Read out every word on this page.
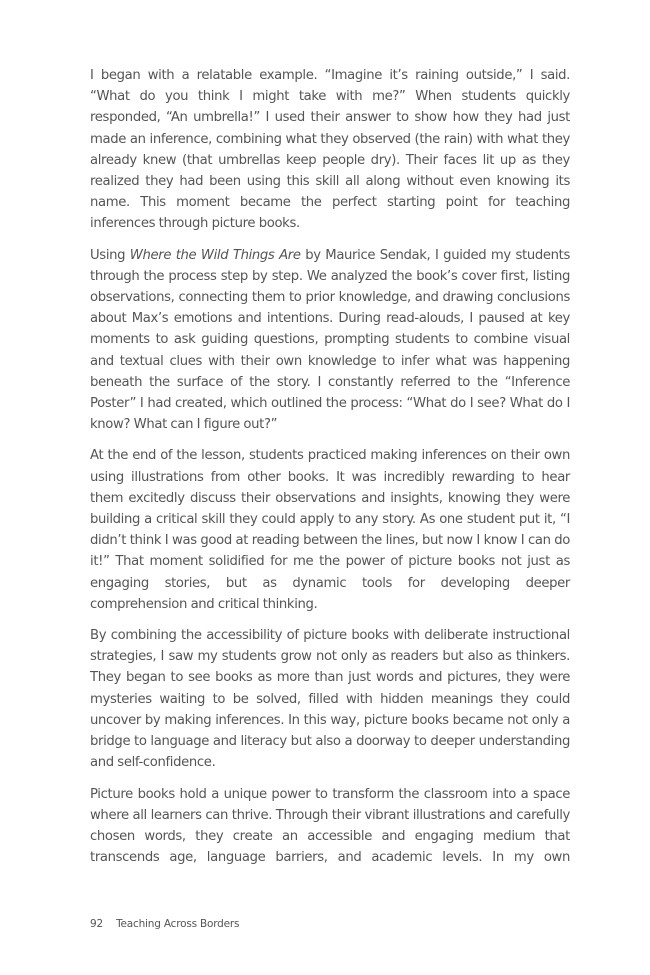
I began with a relatable example. “Imagine it’s raining outside,” I said. “What do you think I might take with me?” When students quickly responded, “An umbrella!” I used their answer to show how they had just made an inference, combining what they observed (the rain) with what they already knew (that umbrellas keep people dry). Their faces lit up as they realized they had been using this skill all along without even knowing its name. This moment became the perfect starting point for teaching inferences through picture books.

Using Where the Wild Things Are by Maurice Sendak, I guided my students through the process step by step. We analyzed the book’s cover first, listing observations, connecting them to prior knowledge, and drawing conclusions about Max’s emotions and intentions. During read-alouds, I paused at key moments to ask guiding questions, prompting students to combine visual and textual clues with their own knowledge to infer what was happening beneath the surface of the story. I constantly referred to the “Inference Poster” I had created, which outlined the process: “What do I see? What do I know? What can I figure out?”

At the end of the lesson, students practiced making inferences on their own using illustrations from other books. It was incredibly rewarding to hear them excitedly discuss their observations and insights, knowing they were building a critical skill they could apply to any story. As one student put it, “I didn’t think I was good at reading between the lines, but now I know I can do it!” That moment solidified for me the power of picture books not just as engaging stories, but as dynamic tools for developing deeper comprehension and critical thinking.

By combining the accessibility of picture books with deliberate instructional strategies, I saw my students grow not only as readers but also as thinkers. They began to see books as more than just words and pictures, they were mysteries waiting to be solved, filled with hidden meanings they could uncover by making inferences. In this way, picture books became not only a bridge to language and literacy but also a doorway to deeper understanding and self-confidence.

Picture books hold a unique power to transform the classroom into a space where all learners can thrive. Through their vibrant illustrations and carefully chosen words, they create an accessible and engaging medium that transcends age, language barriers, and academic levels. In my own

92 Teaching Across Borders
